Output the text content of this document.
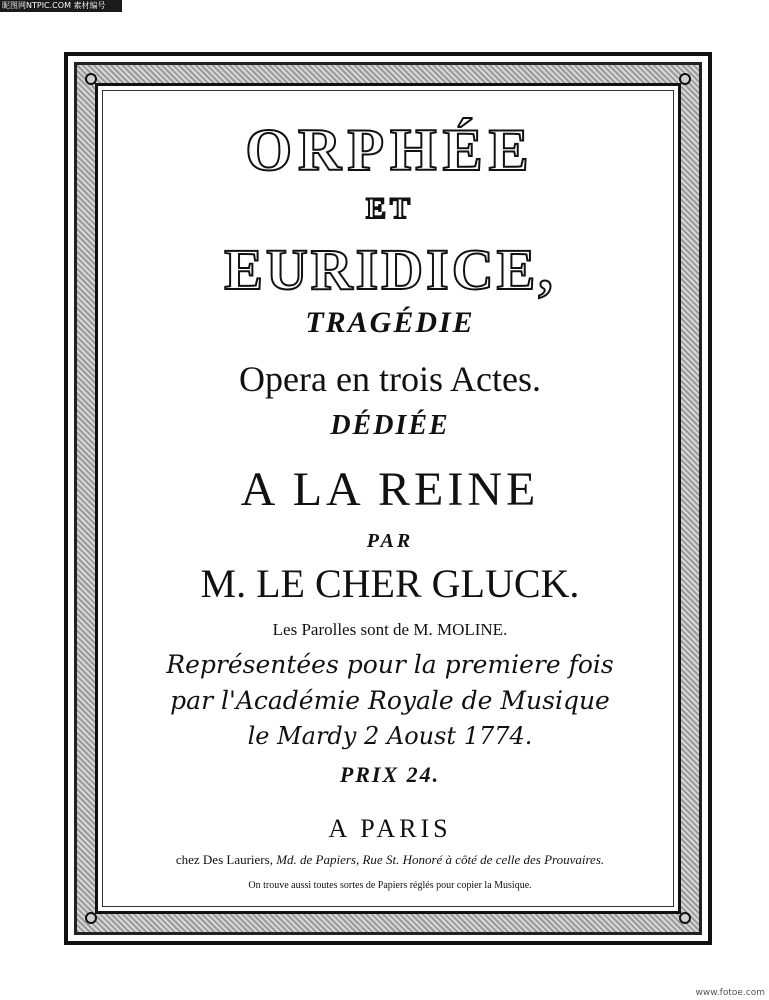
昵图网NTPIC.COM 素材编号
ORPHÉE
ET
EURIDICE,
TRAGÉDIE
Opera en trois Actes.
DÉDIÉE
A LA REINE
PAR
M. LE CHER GLUCK.
Les Parolles sont de M. MOLINE.
Représentées pour la premiere fois
par l'Académie Royale de Musique
le Mardy 2 Aoust 1774.
PRIX 24.
A PARIS
chez Des Lauriers, Md. de Papiers, Rue St. Honoré à côté de celle des Prouvaires.
On trouve aussi toutes sortes de Papiers réglés pour copier la Musique.
www.fotoe.com
